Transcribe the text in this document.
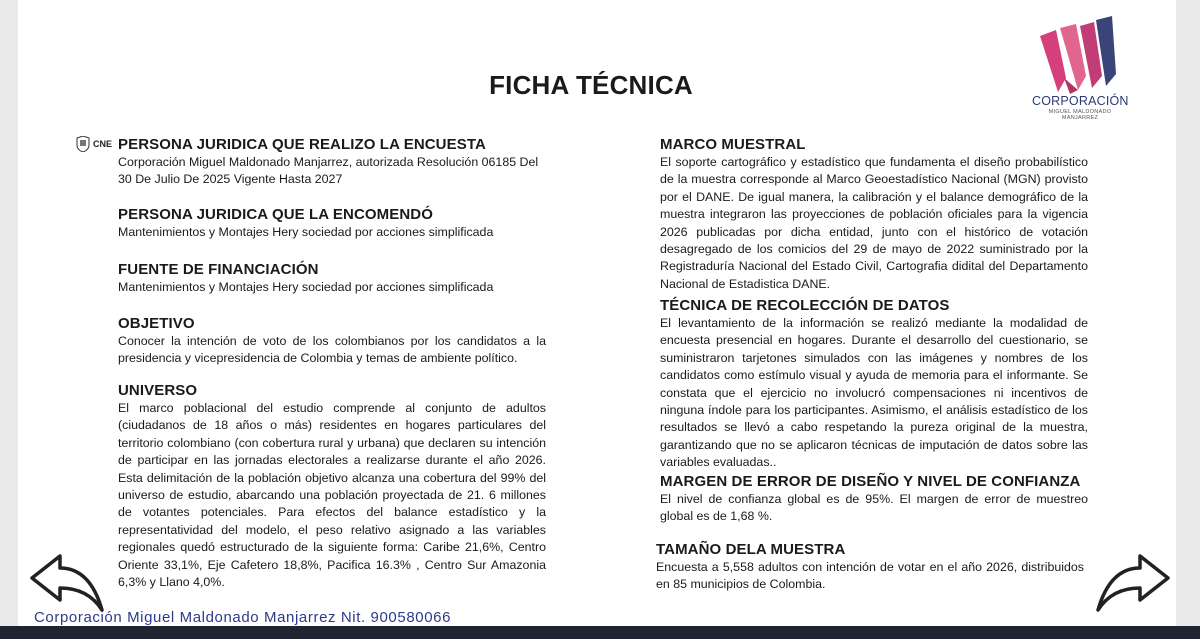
FICHA TÉCNICA
CORPORACIÓN
MIGUEL MALDONADO MANJARREZ
CNE PERSONA JURIDICA QUE REALIZO LA ENCUESTA

Corporación Miguel Maldonado Manjarrez, autorizada Resolución 06185 Del 30 De Julio De 2025 Vigente Hasta 2027

PERSONA JURIDICA QUE LA ENCOMENDÓ

Mantenimientos y Montajes Hery sociedad por acciones simplificada

FUENTE DE FINANCIACIÓN

Mantenimientos y Montajes Hery sociedad por acciones simplificada

OBJETIVO

Conocer la intención de voto de los colombianos por los candidatos a la presidencia y vicepresidencia de Colombia y temas de ambiente político.

UNIVERSO

El marco poblacional del estudio comprende al conjunto de adultos (ciudadanos de 18 años o más) residentes en hogares particulares del territorio colombiano (con cobertura rural y urbana) que declaren su intención de participar en las jornadas electorales a realizarse durante el año 2026. Esta delimitación de la población objetivo alcanza una cobertura del 99% del universo de estudio, abarcando una población proyectada de 21. 6 millones de votantes potenciales. Para efectos del balance estadístico y la representatividad del modelo, el peso relativo asignado a las variables regionales quedó estructurado de la siguiente forma: Caribe 21,6%, Centro Oriente 33,1%, Eje Cafetero 18,8%, Pacifica 16.3% , Centro Sur Amazonia 6,3% y Llano 4,0%.

MARCO MUESTRAL

El soporte cartográfico y estadístico que fundamenta el diseño probabilístico de la muestra corresponde al Marco Geoestadístico Nacional (MGN) provisto por el DANE. De igual manera, la calibración y el balance demográfico de la muestra integraron las proyecciones de población oficiales para la vigencia 2026 publicadas por dicha entidad, junto con el histórico de votación desagregado de los comicios del 29 de mayo de 2022 suministrado por la Registraduría Nacional del Estado Civil, Cartografia didital del Departamento Nacional de Estadistica DANE.

TÉCNICA DE RECOLECCIÓN DE DATOS

El levantamiento de la información se realizó mediante la modalidad de encuesta presencial en hogares. Durante el desarrollo del cuestionario, se suministraron tarjetones simulados con las imágenes y nombres de los candidatos como estímulo visual y ayuda de memoria para el informante. Se constata que el ejercicio no involucró compensaciones ni incentivos de ninguna índole para los participantes. Asimismo, el análisis estadístico de los resultados se llevó a cabo respetando la pureza original de la muestra, garantizando que no se aplicaron técnicas de imputación de datos sobre las variables evaluadas..

MARGEN DE ERROR DE DISEÑO Y NIVEL DE CONFIANZA

El nivel de confianza global es de 95%. El margen de error de muestreo global es de 1,68 %.

TAMAÑO DELA MUESTRA

Encuesta a 5,558 adultos con intención de votar en el año 2026, distribuidos en 85 municipios de Colombia.

Corporación Miguel Maldonado Manjarrez Nit. 900580066
